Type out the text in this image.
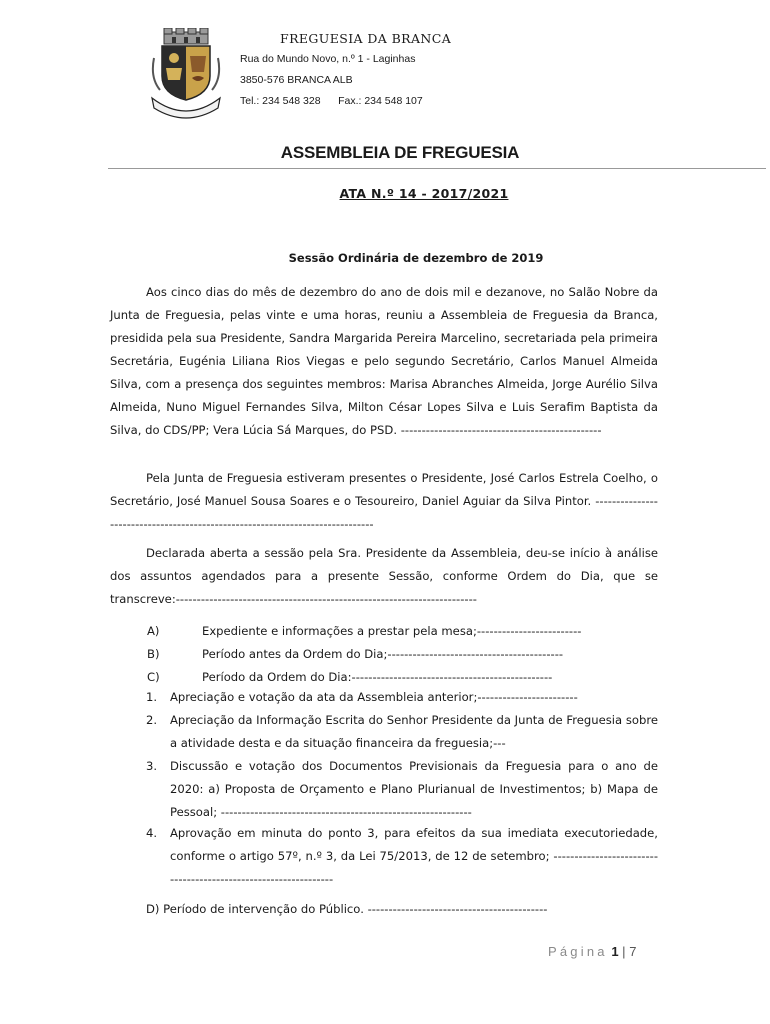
FREGUESIA DA BRANCA
Rua do Mundo Novo, n.º 1 - Laginhas
3850-576 BRANCA ALB
Tel.: 234 548 328      Fax.: 234 548 107
ASSEMBLEIA DE FREGUESIA
ATA N.º 14 - 2017/2021
Sessão Ordinária de dezembro de 2019

Aos cinco dias do mês de dezembro do ano de dois mil e dezanove, no Salão Nobre da Junta de Freguesia, pelas vinte e uma horas, reuniu a Assembleia de Freguesia da Branca, presidida pela sua Presidente, Sandra Margarida Pereira Marcelino, secretariada pela primeira Secretária, Eugénia Liliana Rios Viegas e pelo segundo Secretário, Carlos Manuel Almeida Silva, com a presença dos seguintes membros: Marisa Abranches Almeida, Jorge Aurélio Silva Almeida, Nuno Miguel Fernandes Silva, Milton César Lopes Silva e Luis Serafim Baptista da Silva, do CDS/PP; Vera Lúcia Sá Marques, do PSD. ------------------------------------------------

Pela Junta de Freguesia estiveram presentes o Presidente, José Carlos Estrela Coelho, o Secretário, José Manuel Sousa Soares e o Tesoureiro, Daniel Aguiar da Silva Pintor. ------------------------------------------------------------------------------

Declarada aberta a sessão pela Sra. Presidente da Assembleia, deu-se início à análise dos assuntos agendados para a presente Sessão, conforme Ordem do Dia, que se transcreve:------------------------------------------------------------------------

A)	Expediente e informações a prestar pela mesa;-------------------------
B)	Período antes da Ordem do Dia;------------------------------------------
C)	Período da Ordem do Dia:------------------------------------------------
1.	Apreciação e votação da ata da Assembleia anterior;------------------------
2.	Apreciação da Informação Escrita do Senhor Presidente da Junta de Freguesia sobre a atividade desta e da situação financeira da freguesia;---
3.	Discussão e votação dos Documentos Previsionais da Freguesia para o ano de 2020: a) Proposta de Orçamento e Plano Plurianual de Investimentos; b) Mapa de Pessoal; ------------------------------------------------------------
4.	Aprovação em minuta do ponto 3, para efeitos da sua imediata executoriedade, conforme o artigo 57º, n.º 3, da Lei 75/2013, de 12 de setembro; ----------------------------------------------------------------
D) Período de intervenção do Público. -------------------------------------------
Página 1 | 7
